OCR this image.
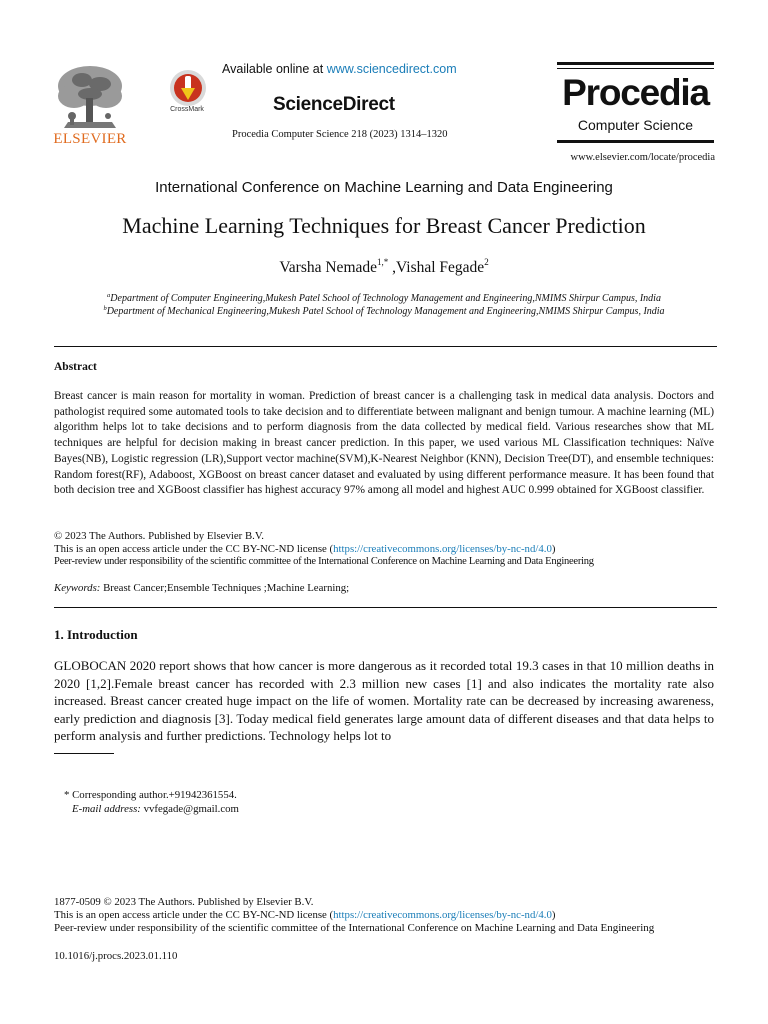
ELSEVIER
CrossMark
Available online at www.sciencedirect.com
ScienceDirect
Procedia Computer Science 218 (2023) 1314–1320
Procedia
Computer Science
www.elsevier.com/locate/procedia
International Conference on Machine Learning and Data Engineering
Machine Learning Techniques for Breast Cancer Prediction
Varsha Nemade$^{1,*}$ ,Vishal Fegade$^2$
$^a$Department of Computer Engineering,Mukesh Patel School of Technology Management and Engineering,NMIMS Shirpur Campus, India
$^b$Department of Mechanical Engineering,Mukesh Patel School of Technology Management and Engineering,NMIMS Shirpur Campus, India
Abstract
Breast cancer is main reason for mortality in woman. Prediction of breast cancer is a challenging task in medical data analysis. Doctors and pathologist required some automated tools to take decision and to differentiate between malignant and benign tumour. A machine learning (ML) algorithm helps lot to take decisions and to perform diagnosis from the data collected by medical field. Various researches show that ML techniques are helpful for decision making in breast cancer prediction. In this paper, we used various ML Classification techniques: Naïve Bayes(NB), Logistic regression (LR),Support vector machine(SVM),K-Nearest Neighbor (KNN), Decision Tree(DT), and ensemble techniques: Random forest(RF), Adaboost, XGBoost on breast cancer dataset and evaluated by using different performance measure. It has been found that both decision tree and XGBoost classifier has highest accuracy 97% among all model and highest AUC 0.999 obtained for XGBoost classifier.
© 2023 The Authors. Published by Elsevier B.V.
This is an open access article under the CC BY-NC-ND license (https://creativecommons.org/licenses/by-nc-nd/4.0)
Peer-review under responsibility of the scientific committee of the International Conference on Machine Learning and Data Engineering
Keywords: Breast Cancer;Ensemble Techniques ;Machine Learning;
1. Introduction
GLOBOCAN 2020 report shows that how cancer is more dangerous as it recorded total 19.3 cases in that 10 million deaths in 2020 [1,2].Female breast cancer has recorded with 2.3 million new cases [1] and also indicates the mortality rate also increased. Breast cancer created huge impact on the life of women. Mortality rate can be decreased by increasing awareness, early prediction and diagnosis [3]. Today medical field generates large amount data of different diseases and that data helps to perform analysis and further predictions. Technology helps lot to
* Corresponding author.+91942361554.
E-mail address: vvfegade@gmail.com
1877-0509 © 2023 The Authors. Published by Elsevier B.V.
This is an open access article under the CC BY-NC-ND license (https://creativecommons.org/licenses/by-nc-nd/4.0)
Peer-review under responsibility of the scientific committee of the International Conference on Machine Learning and Data Engineering
10.1016/j.procs.2023.01.110
